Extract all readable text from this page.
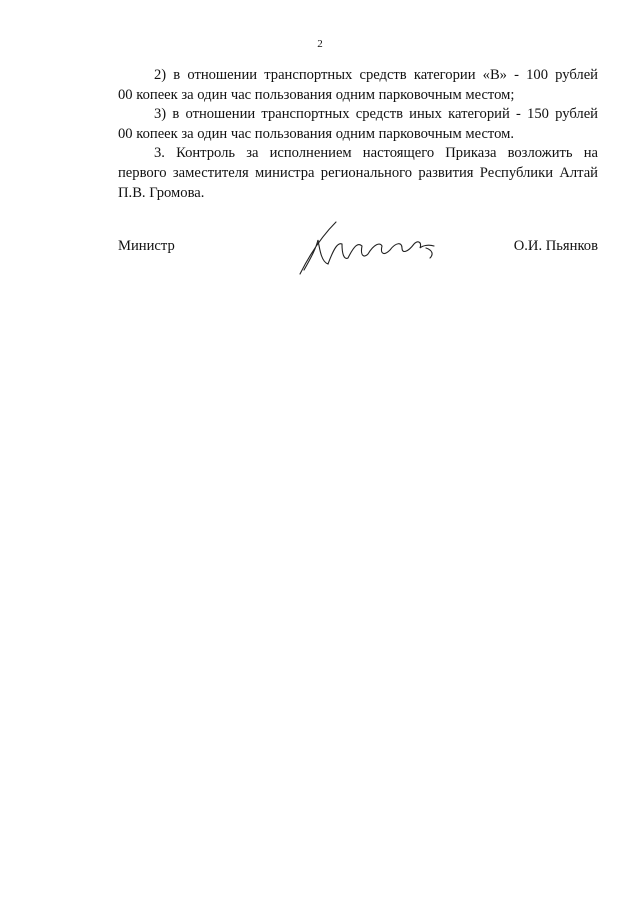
2
2) в отношении транспортных средств категории «В» - 100 рублей
00 копеек за один час пользования одним парковочным местом;
3) в отношении транспортных средств иных категорий - 150 рублей
00 копеек за один час пользования одним парковочным местом.
3. Контроль за исполнением настоящего Приказа возложить на
первого заместителя министра регионального развития Республики Алтай
П.В. Громова.
Министр	О.И. Пьянков
